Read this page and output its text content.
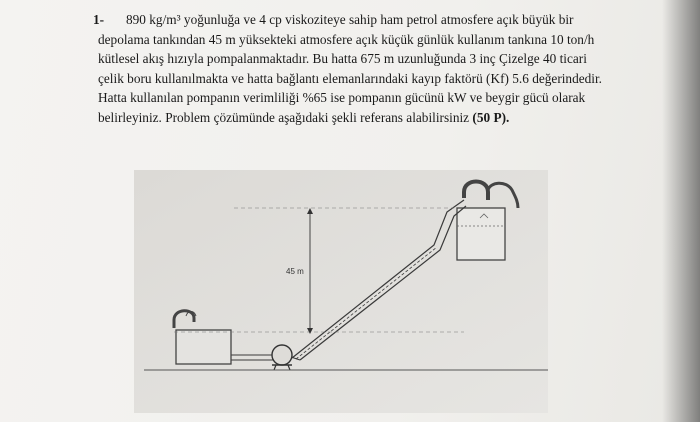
1-	890 kg/m³ yoğunluğa ve 4 cp viskoziteye sahip ham petrol atmosfere açık büyük bir
depolama tankından 45 m yüksekteki atmosfere açık küçük günlük kullanım tankına 10 ton/h
kütlesel akış hızıyla pompalanmaktadır. Bu hatta 675 m uzunluğunda 3 inç Çizelge 40 ticari
çelik boru kullanılmakta ve hatta bağlantı elemanlarındaki kayıp faktörü (Kf) 5.6 değerindedir.
Hatta kullanılan pompanın verimliliği %65 ise pompanın gücünü kW ve beygir gücü olarak
belirleyiniz. Problem çözümünde aşağıdaki şekli referans alabilirsiniz (50 P).
45 m
